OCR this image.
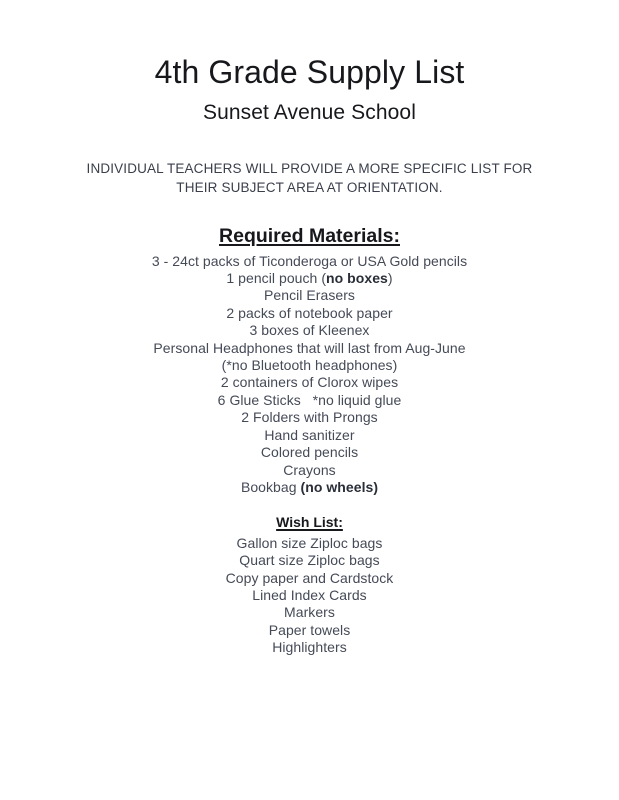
4th Grade Supply List
Sunset Avenue School

INDIVIDUAL TEACHERS WILL PROVIDE A MORE SPECIFIC LIST FOR THEIR SUBJECT AREA AT ORIENTATION.

Required Materials:
3 - 24ct packs of Ticonderoga or USA Gold pencils
1 pencil pouch (no boxes)
Pencil Erasers
2 packs of notebook paper
3 boxes of Kleenex
Personal Headphones that will last from Aug-June
(*no Bluetooth headphones)
2 containers of Clorox wipes
6 Glue Sticks   *no liquid glue
2 Folders with Prongs
Hand sanitizer
Colored pencils
Crayons
Bookbag (no wheels)
Wish List:
Gallon size Ziploc bags
Quart size Ziploc bags
Copy paper and Cardstock
Lined Index Cards
Markers
Paper towels
Highlighters
